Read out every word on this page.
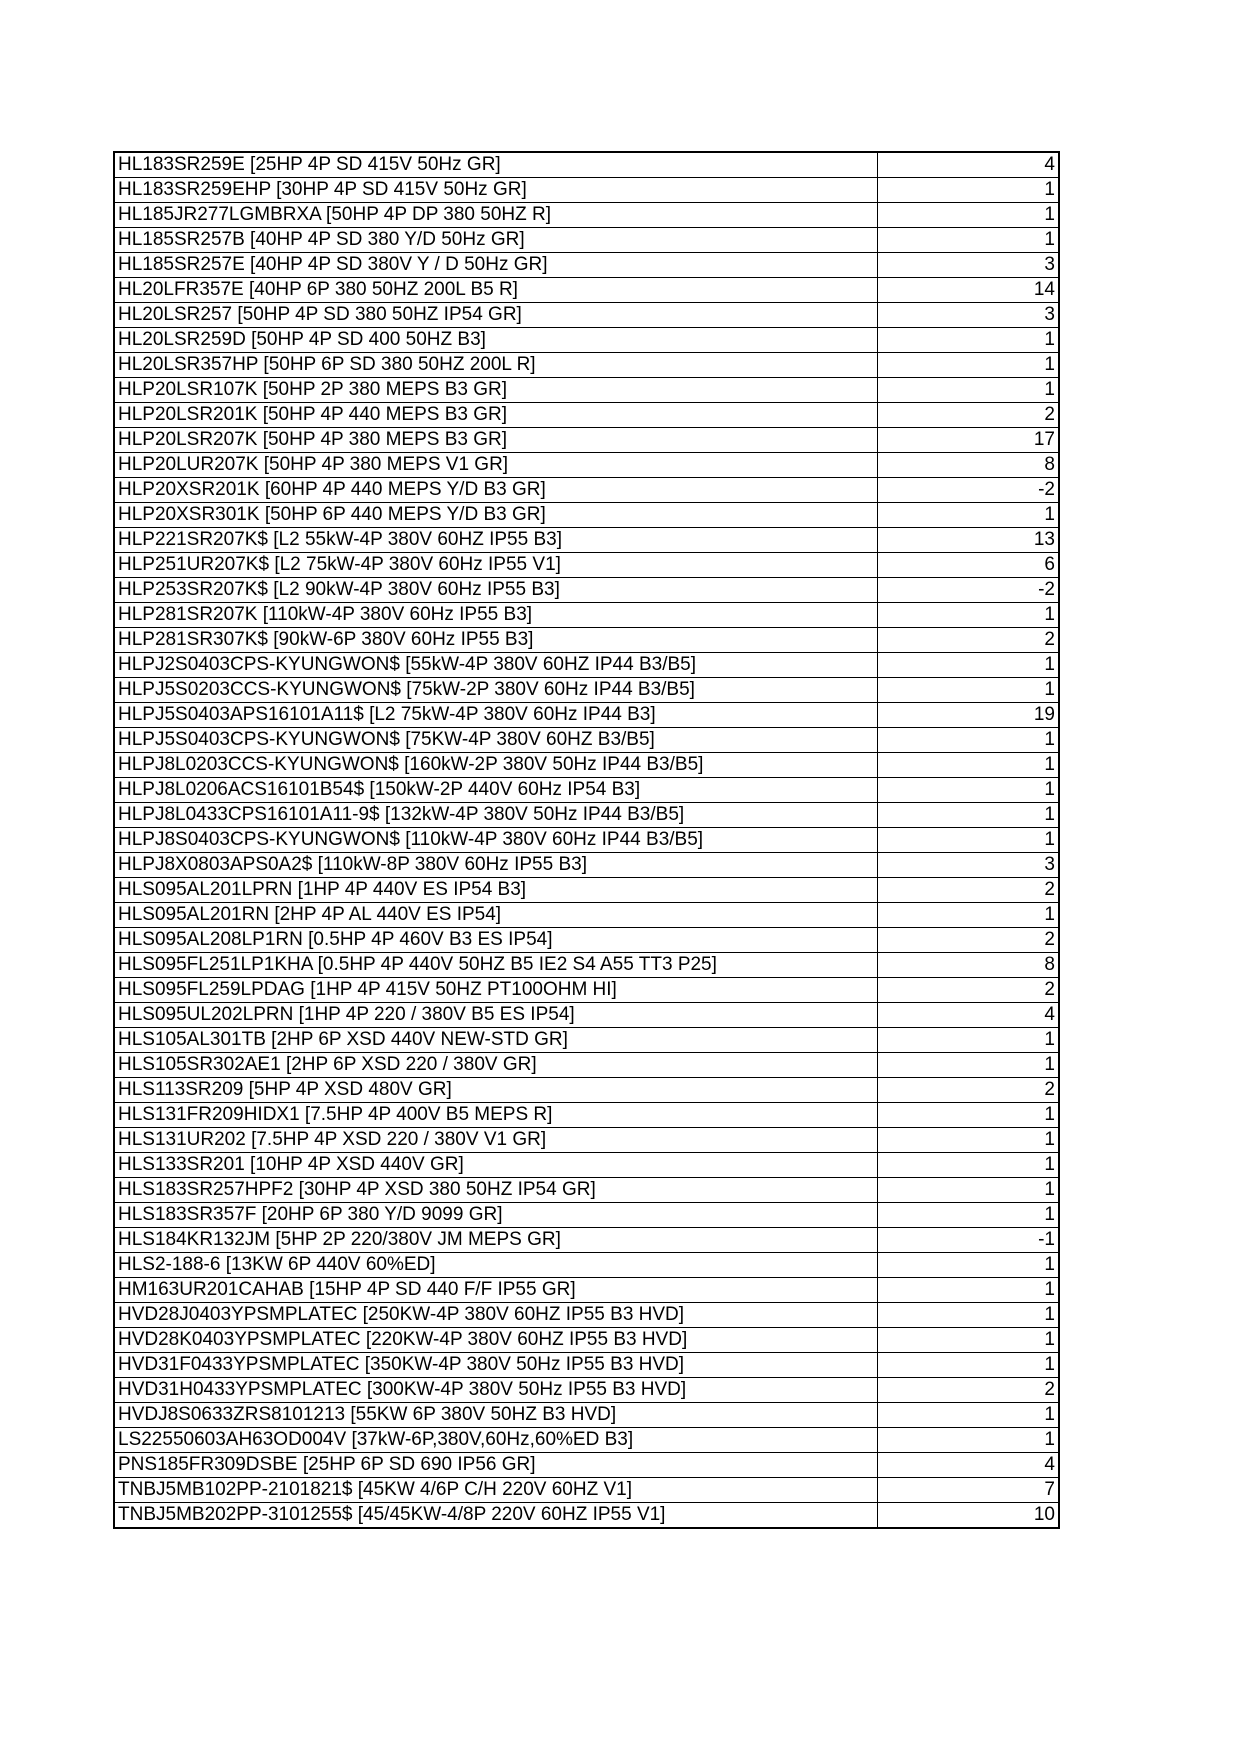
HL183SR259E [25HP 4P SD 415V 50Hz GR]	4
HL183SR259EHP [30HP 4P SD 415V 50Hz GR]	1
HL185JR277LGMBRXA [50HP 4P DP 380 50HZ R]	1
HL185SR257B [40HP 4P SD 380 Y/D 50Hz GR]	1
HL185SR257E [40HP 4P SD 380V Y / D 50Hz GR]	3
HL20LFR357E [40HP 6P 380 50HZ 200L B5 R]	14
HL20LSR257 [50HP 4P SD 380 50HZ IP54 GR]	3
HL20LSR259D [50HP 4P SD 400 50HZ B3]	1
HL20LSR357HP [50HP 6P SD 380 50HZ 200L R]	1
HLP20LSR107K [50HP 2P 380 MEPS B3 GR]	1
HLP20LSR201K [50HP 4P 440 MEPS B3 GR]	2
HLP20LSR207K [50HP 4P 380 MEPS B3 GR]	17
HLP20LUR207K [50HP 4P 380 MEPS V1 GR]	8
HLP20XSR201K [60HP 4P 440 MEPS Y/D B3 GR]	-2
HLP20XSR301K [50HP 6P 440 MEPS Y/D B3 GR]	1
HLP221SR207K$ [L2 55kW-4P 380V 60HZ IP55 B3]	13
HLP251UR207K$ [L2 75kW-4P 380V 60Hz IP55 V1]	6
HLP253SR207K$ [L2 90kW-4P 380V 60Hz IP55 B3]	-2
HLP281SR207K [110kW-4P 380V 60Hz IP55 B3]	1
HLP281SR307K$ [90kW-6P 380V 60Hz IP55 B3]	2
HLPJ2S0403CPS-KYUNGWON$ [55kW-4P 380V 60HZ IP44 B3/B5]	1
HLPJ5S0203CCS-KYUNGWON$ [75kW-2P 380V 60Hz IP44 B3/B5]	1
HLPJ5S0403APS16101A11$ [L2 75kW-4P 380V 60Hz IP44 B3]	19
HLPJ5S0403CPS-KYUNGWON$ [75KW-4P 380V 60HZ B3/B5]	1
HLPJ8L0203CCS-KYUNGWON$ [160kW-2P 380V 50Hz IP44 B3/B5]	1
HLPJ8L0206ACS16101B54$ [150kW-2P 440V 60Hz IP54 B3]	1
HLPJ8L0433CPS16101A11-9$ [132kW-4P 380V 50Hz IP44 B3/B5]	1
HLPJ8S0403CPS-KYUNGWON$ [110kW-4P 380V 60Hz IP44 B3/B5]	1
HLPJ8X0803APS0A2$ [110kW-8P 380V 60Hz IP55 B3]	3
HLS095AL201LPRN [1HP 4P 440V ES IP54 B3]	2
HLS095AL201RN [2HP 4P AL 440V ES IP54]	1
HLS095AL208LP1RN [0.5HP 4P 460V B3 ES IP54]	2
HLS095FL251LP1KHA [0.5HP 4P 440V 50HZ B5 IE2 S4 A55 TT3 P25]	8
HLS095FL259LPDAG [1HP 4P 415V 50HZ PT100OHM HI]	2
HLS095UL202LPRN [1HP 4P 220 / 380V B5 ES IP54]	4
HLS105AL301TB [2HP 6P XSD 440V NEW-STD GR]	1
HLS105SR302AE1 [2HP 6P XSD 220 / 380V GR]	1
HLS113SR209 [5HP 4P XSD 480V GR]	2
HLS131FR209HIDX1 [7.5HP 4P 400V B5 MEPS R]	1
HLS131UR202 [7.5HP 4P XSD 220 / 380V V1 GR]	1
HLS133SR201 [10HP 4P XSD 440V GR]	1
HLS183SR257HPF2 [30HP 4P XSD 380 50HZ IP54 GR]	1
HLS183SR357F [20HP 6P 380 Y/D 9099 GR]	1
HLS184KR132JM [5HP 2P 220/380V JM MEPS GR]	-1
HLS2-188-6 [13KW 6P 440V 60%ED]	1
HM163UR201CAHAB [15HP 4P SD 440 F/F IP55 GR]	1
HVD28J0403YPSMPLATEC [250KW-4P 380V 60HZ IP55 B3 HVD]	1
HVD28K0403YPSMPLATEC [220KW-4P 380V 60HZ IP55 B3 HVD]	1
HVD31F0433YPSMPLATEC [350KW-4P 380V 50Hz IP55 B3 HVD]	1
HVD31H0433YPSMPLATEC [300KW-4P 380V 50Hz IP55 B3 HVD]	2
HVDJ8S0633ZRS8101213 [55KW 6P 380V 50HZ B3 HVD]	1
LS22550603AH63OD004V [37kW-6P,380V,60Hz,60%ED B3]	1
PNS185FR309DSBE [25HP 6P SD 690 IP56 GR]	4
TNBJ5MB102PP-2101821$ [45KW 4/6P C/H 220V 60HZ V1]	7
TNBJ5MB202PP-3101255$ [45/45KW-4/8P 220V 60HZ IP55 V1]	10
